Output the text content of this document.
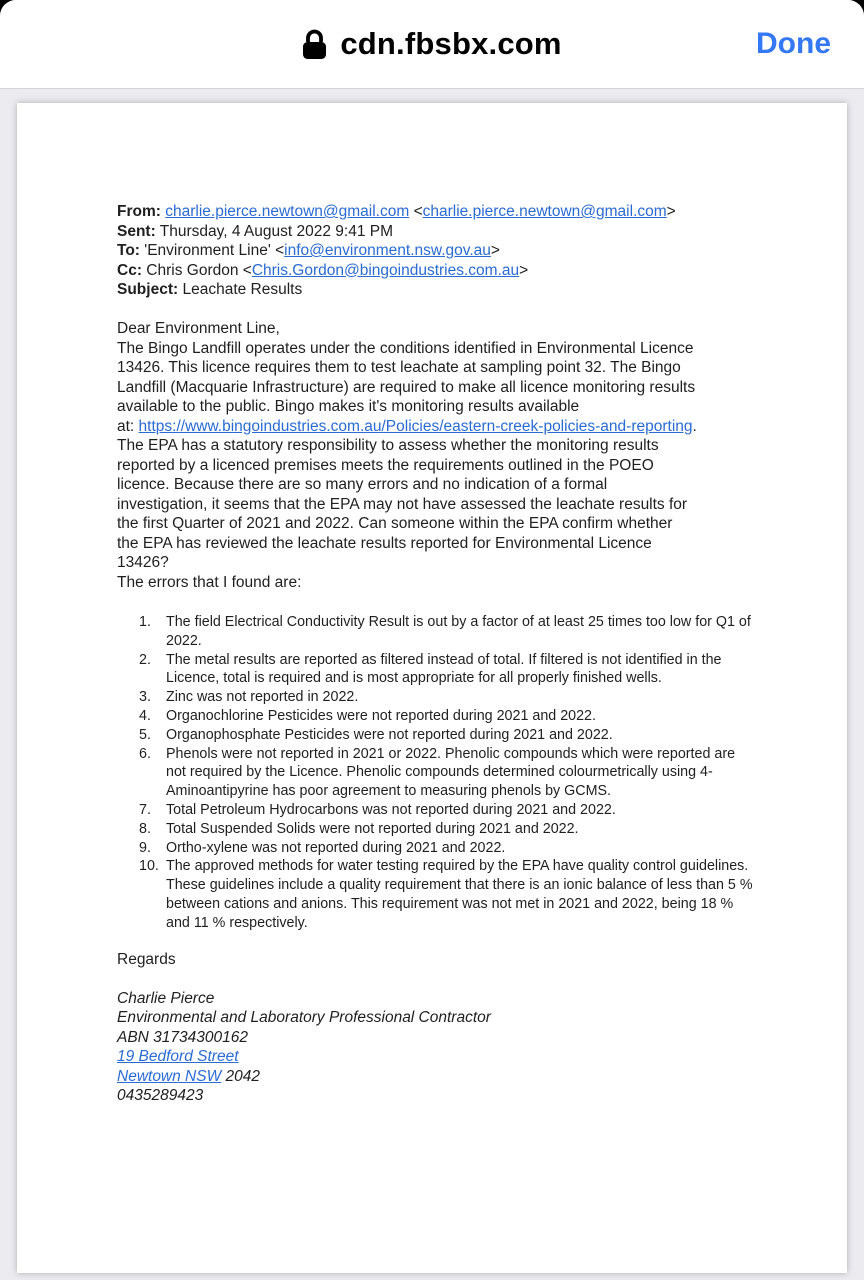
cdn.fbsbx.com	Done
From: charlie.pierce.newtown@gmail.com <charlie.pierce.newtown@gmail.com>
Sent: Thursday, 4 August 2022 9:41 PM
To: 'Environment Line' <info@environment.nsw.gov.au>
Cc: Chris Gordon <Chris.Gordon@bingoindustries.com.au>
Subject: Leachate Results
Dear Environment Line,
The Bingo Landfill operates under the conditions identified in Environmental Licence
13426. This licence requires them to test leachate at sampling point 32. The Bingo
Landfill (Macquarie Infrastructure) are required to make all licence monitoring results
available to the public. Bingo makes it's monitoring results available
at: https://www.bingoindustries.com.au/Policies/eastern-creek-policies-and-reporting.
The EPA has a statutory responsibility to assess whether the monitoring results
reported by a licenced premises meets the requirements outlined in the POEO
licence. Because there are so many errors and no indication of a formal
investigation, it seems that the EPA may not have assessed the leachate results for
the first Quarter of 2021 and 2022. Can someone within the EPA confirm whether
the EPA has reviewed the leachate results reported for Environmental Licence
13426?
The errors that I found are:
1.	The field Electrical Conductivity Result is out by a factor of at least 25 times too low for Q1 of
2022.
2.	The metal results are reported as filtered instead of total. If filtered is not identified in the
Licence, total is required and is most appropriate for all properly finished wells.
3.	Zinc was not reported in 2022.
4.	Organochlorine Pesticides were not reported during 2021 and 2022.
5.	Organophosphate Pesticides were not reported during 2021 and 2022.
6.	Phenols were not reported in 2021 or 2022. Phenolic compounds which were reported are
not required by the Licence. Phenolic compounds determined colourmetrically using 4-
Aminoantipyrine has poor agreement to measuring phenols by GCMS.
7.	Total Petroleum Hydrocarbons was not reported during 2021 and 2022.
8.	Total Suspended Solids were not reported during 2021 and 2022.
9.	Ortho-xylene was not reported during 2021 and 2022.
10. The approved methods for water testing required by the EPA have quality control guidelines.
These guidelines include a quality requirement that there is an ionic balance of less than 5 %
between cations and anions. This requirement was not met in 2021 and 2022, being 18 %
and 11 % respectively.

Regards

Charlie Pierce
Environmental and Laboratory Professional Contractor
ABN 31734300162
19 Bedford Street
Newtown NSW 2042
0435289423
